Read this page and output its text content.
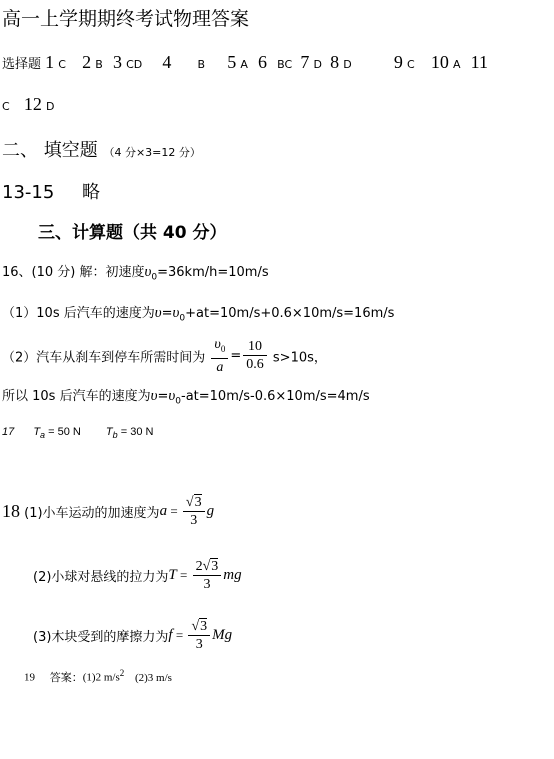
高一上学期期终考试物理答案
选择题 1 C 2 B 3 CD 4 B 5 A 6 BC 7 D 8 D 9 C 10 A 11
C 12 D
二、 填空题 （4 分×3=12 分）
13-15 略
三、计算题（共 40 分）
16、(10 分) 解：初速度$\upsilon_0=36km/h=10m/s$
（1）10s 后汽车的速度为$\upsilon=\upsilon_0+at=10m/s+0.6\times 10m/s=16m/s$
（2）汽车从刹车到停车所需时间为 $\frac{\upsilon_0}{a} = \frac{10}{0.6} s>10s$，
所以 10s 后汽车的速度为$\upsilon=\upsilon_0-at=10m/s-0.6\times 10m/s=4m/s$
17 $T_a = 50$ N $T_b = 30$ N
18 (1)小车运动的加速度为$a = \frac{√3}{3}$ g
(2)小球对悬线的拉力为$T = \frac{2√3}{3}$ mg
(3)木块受到的摩擦力为$f = \frac{√3}{3}$ Mg
19 答案：(1)2 $m/s^2$ (2)3 m/s
